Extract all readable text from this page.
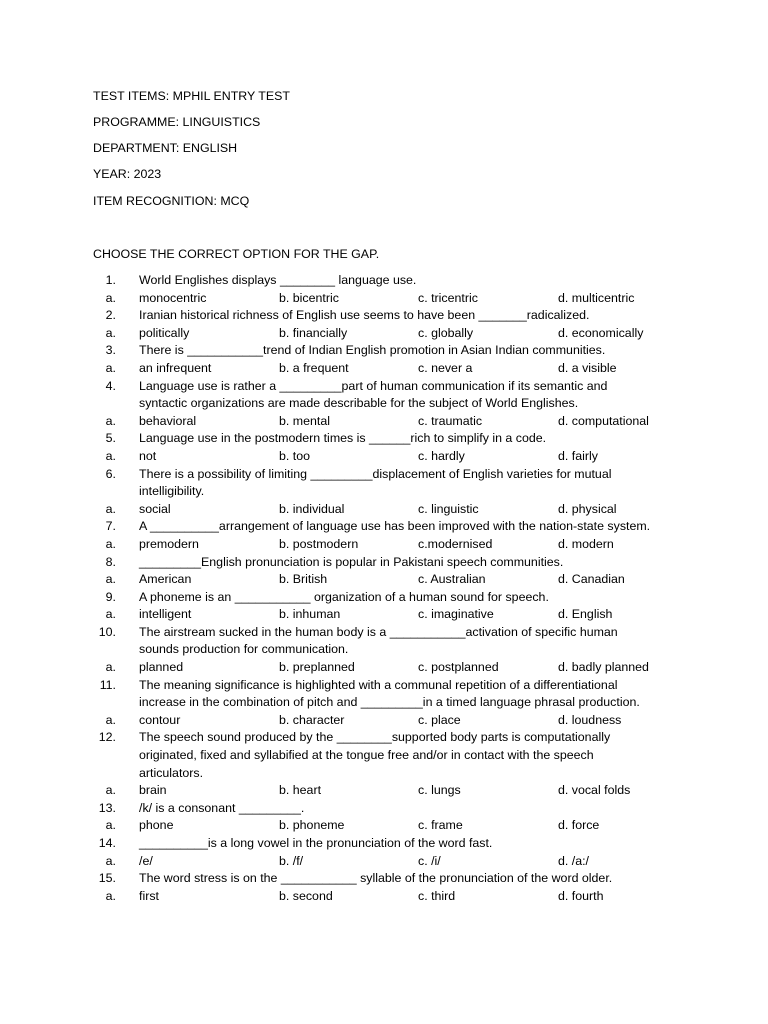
TEST ITEMS: MPHIL ENTRY TEST
PROGRAMME: LINGUISTICS
DEPARTMENT: ENGLISH
YEAR: 2023
ITEM RECOGNITION: MCQ
CHOOSE THE CORRECT OPTION FOR THE GAP.
1. World Englishes displays ________ language use.
a. monocentric	b. bicentric	c. tricentric	d. multicentric
2. Iranian historical richness of English use seems to have been _______radicalized.
a. politically	b. financially	c. globally	d. economically
3. There is ___________trend of Indian English promotion in Asian Indian communities.
a. an infrequent	b. a frequent	c. never a	d. a visible
4. Language use is rather a _________part of human communication if its semantic and
syntactic organizations are made describable for the subject of World Englishes.
a. behavioral	b. mental	c. traumatic	d. computational
5. Language use in the postmodern times is ______rich to simplify in a code.
a. not	b. too	c. hardly	d. fairly
6. There is a possibility of limiting _________displacement of English varieties for mutual
intelligibility.
a. social	b. individual	c. linguistic	d. physical
7. A __________arrangement of language use has been improved with the nation-state system.
a. premodern	b. postmodern	c.modernised	d. modern
8. _________English pronunciation is popular in Pakistani speech communities.
a. American	b. British	c. Australian	d. Canadian
9. A phoneme is an ___________ organization of a human sound for speech.
a. intelligent	b. inhuman	c. imaginative	d. English
10. The airstream sucked in the human body is a ___________activation of specific human
sounds production for communication.
a. planned	b. preplanned	c. postplanned	d. badly planned
11. The meaning significance is highlighted with a communal repetition of a differentiational
increase in the combination of pitch and _________in a timed language phrasal production.
a. contour	b. character	c. place	d. loudness
12. The speech sound produced by the ________supported body parts is computationally
originated, fixed and syllabified at the tongue free and/or in contact with the speech
articulators.
a. brain	b. heart	c. lungs	d. vocal folds
13. /k/ is a consonant _________.
a. phone	b. phoneme	c. frame	d. force
14. __________is a long vowel in the pronunciation of the word fast.
a. /e/	b. /f/	c. /i/	d. /a:/
15. The word stress is on the ___________ syllable of the pronunciation of the word older.
a. first	b. second	c. third	d. fourth
